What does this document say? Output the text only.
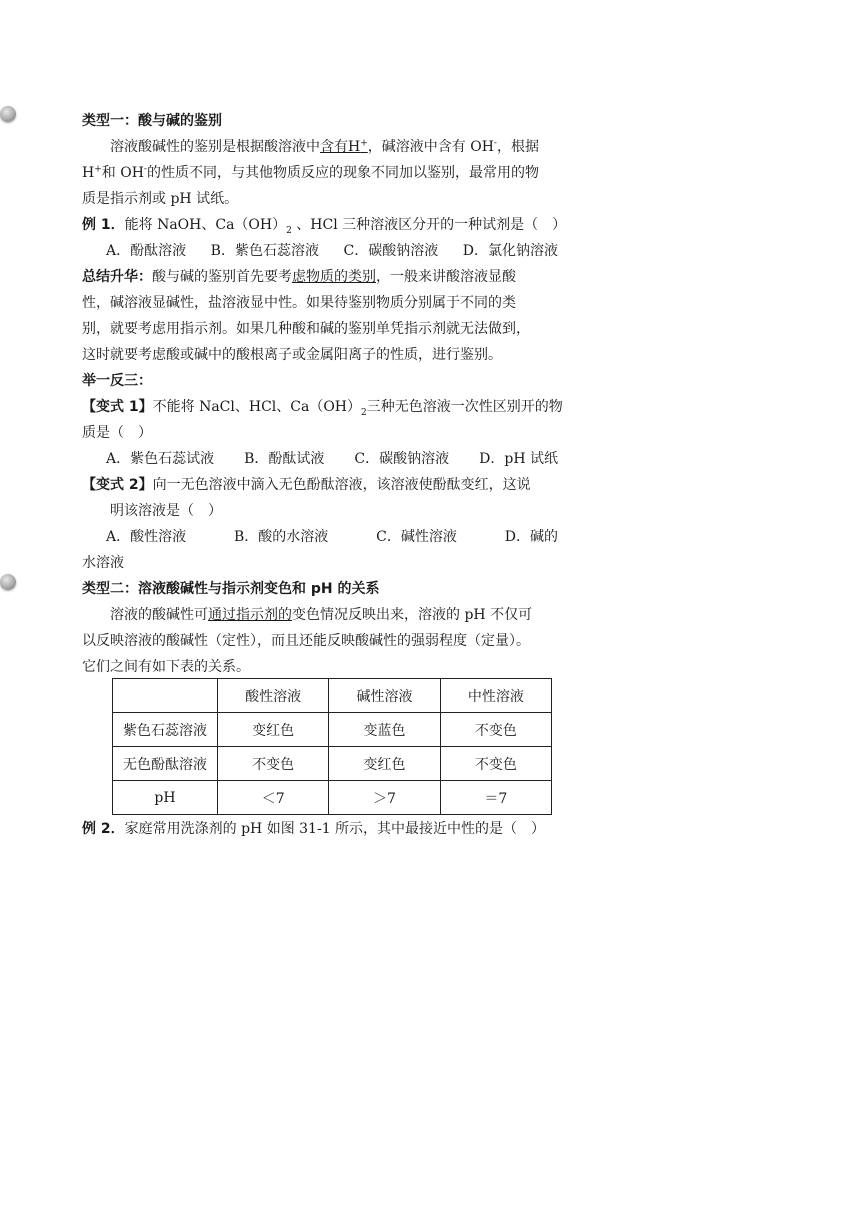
类型一：酸与碱的鉴别
溶液酸碱性的鉴别是根据酸溶液中含有H+，碱溶液中含有 OH-，根据
H+和 OH-的性质不同，与其他物质反应的现象不同加以鉴别，最常用的物
质是指示剂或 pH 试纸。
例 1．能将 NaOH、$Ca(OH)_2$ 、HCl 三种溶液区分开的一种试剂是（　）
A．酚酞溶液 B．紫色石蕊溶液 C．碳酸钠溶液 D．氯化钠溶液
总结升华：酸与碱的鉴别首先要考虑物质的类别，一般来讲酸溶液显酸
性，碱溶液显碱性，盐溶液显中性。如果待鉴别物质分别属于不同的类
别，就要考虑用指示剂。如果几种酸和碱的鉴别单凭指示剂就无法做到，
这时就要考虑酸或碱中的酸根离子或金属阳离子的性质，进行鉴别。
举一反三：
【变式 1】不能将 NaCl、HCl、$Ca(OH)_2$三种无色溶液一次性区别开的物
质是（　）
A．紫色石蕊试液 B．酚酞试液 C．碳酸钠溶液 D．pH 试纸
【变式 2】向一无色溶液中滴入无色酚酞溶液，该溶液使酚酞变红，这说
明该溶液是（　）
A．酸性溶液	B．酸的水溶液	C．碱性溶液	D．碱的
水溶液
类型二：溶液酸碱性与指示剂变色和 pH 的关系
溶液的酸碱性可通过指示剂的变色情况反映出来，溶液的 pH 不仅可
以反映溶液的酸碱性（定性），而且还能反映酸碱性的强弱程度（定量）。
它们之间有如下表的关系。
	酸性溶液	碱性溶液	中性溶液
紫色石蕊溶液	变红色	变蓝色	不变色
无色酚酞溶液	不变色	变红色	不变色
pH	＜7	＞7	＝7
例 2．家庭常用洗涤剂的 pH 如图 31-1 所示，其中最接近中性的是（　）
